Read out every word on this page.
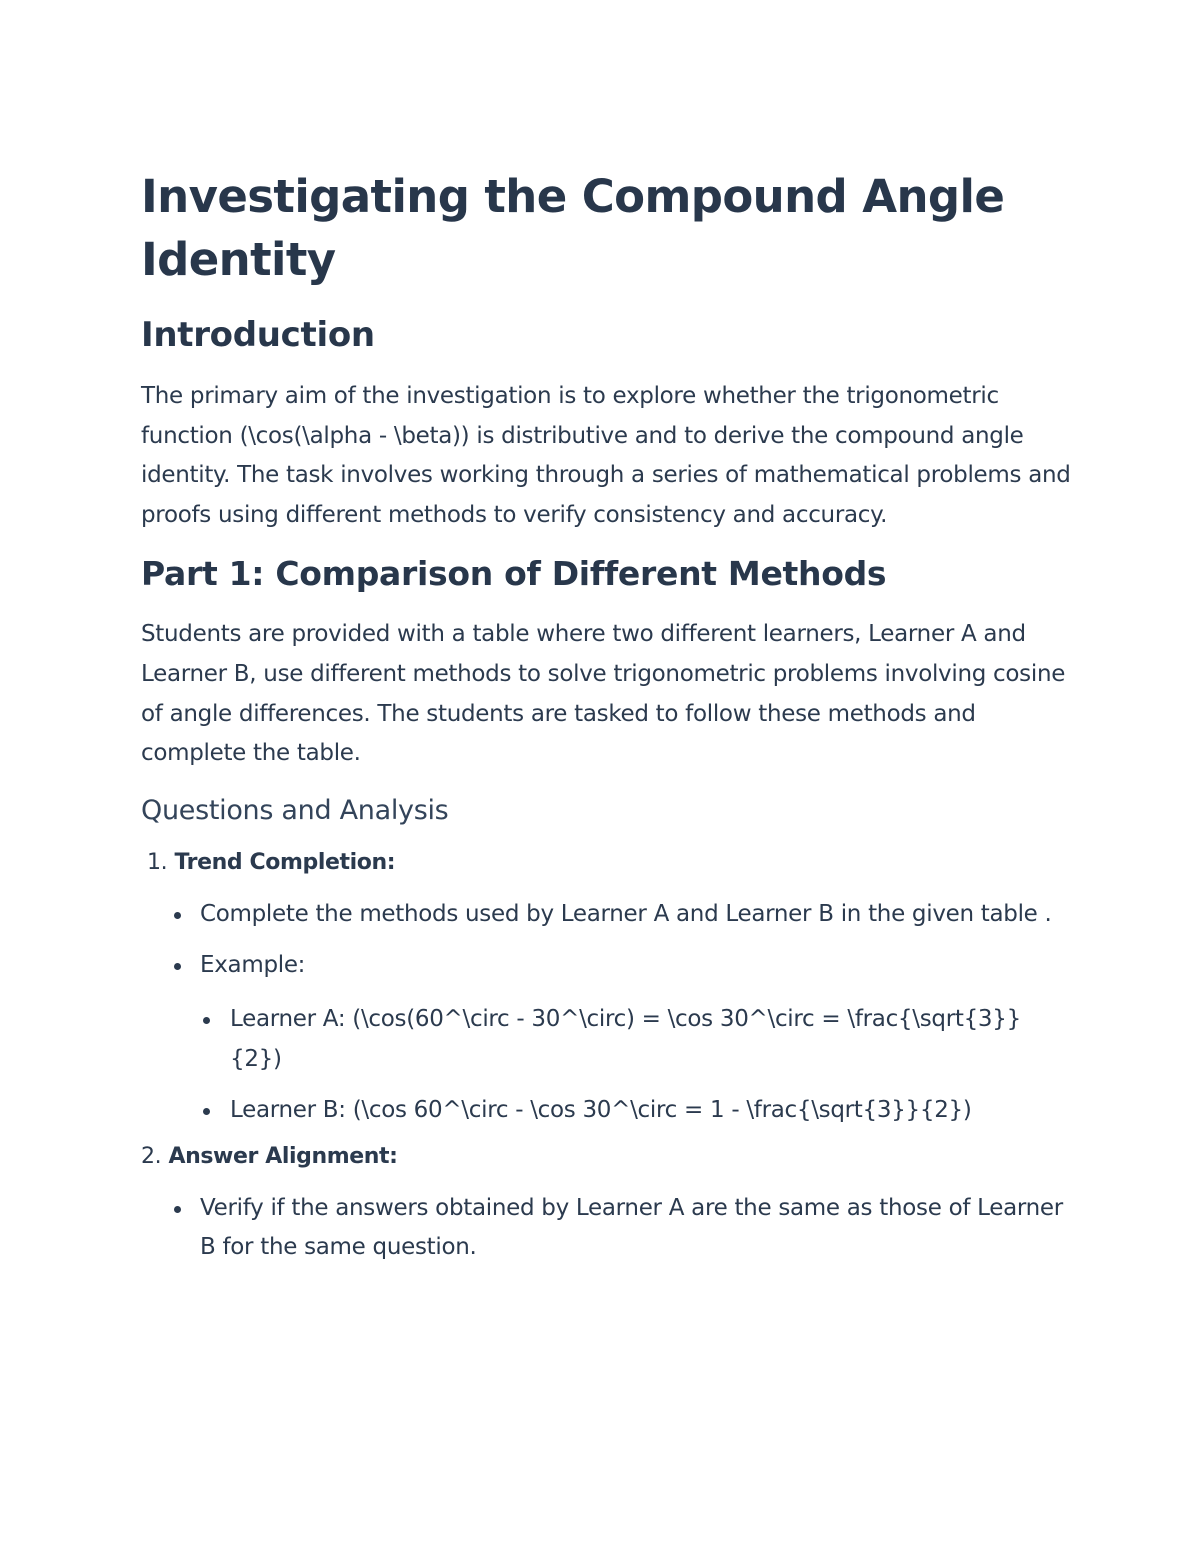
Investigating the Compound Angle Identity
Introduction

The primary aim of the investigation is to explore whether the trigonometric function (\cos(\alpha - \beta)) is distributive and to derive the compound angle identity. The task involves working through a series of mathematical problems and proofs using different methods to verify consistency and accuracy.

Part 1: Comparison of Different Methods

Students are provided with a table where two different learners, Learner A and Learner B, use different methods to solve trigonometric problems involving cosine of angle differences. The students are tasked to follow these methods and complete the table.

Questions and Analysis
1. Trend Completion:
Complete the methods used by Learner A and Learner B in the given table .
Example:
Learner A: (\cos(60^\circ - 30^\circ) = \cos 30^\circ = \frac{\sqrt{3}}{2})
Learner B: (\cos 60^\circ - \cos 30^\circ = 1 - \frac{\sqrt{3}}{2})
2. Answer Alignment:
Verify if the answers obtained by Learner A are the same as those of Learner B for the same question.
